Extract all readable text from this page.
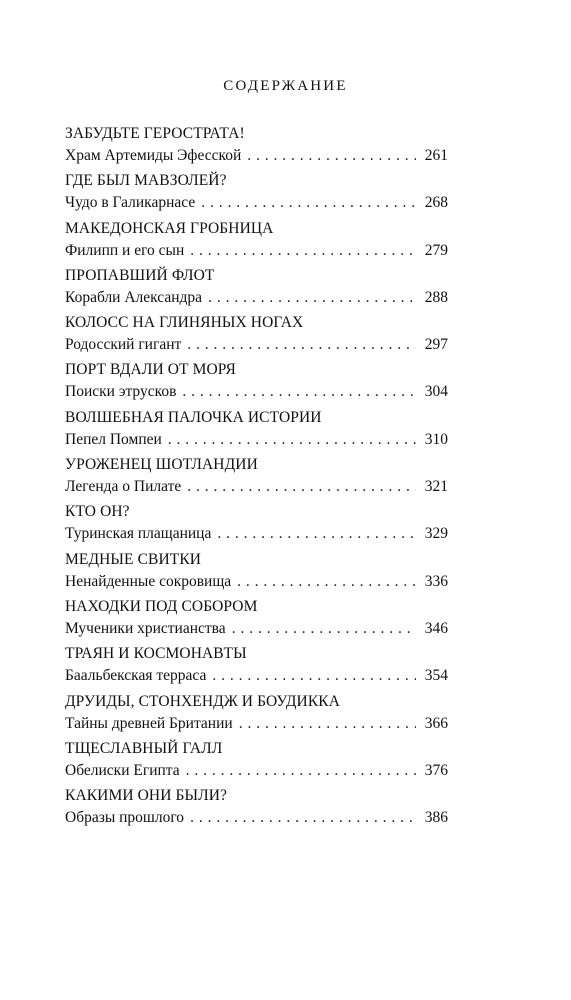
СОДЕРЖАНИЕ
ЗАБУДЬТЕ ГЕРОСТРАТА!
Храм Артемиды Эфесской . . .	261
ГДЕ БЫЛ МАВЗОЛЕЙ?
Чудо в Галикарнасе . . .	268
МАКЕДОНСКАЯ ГРОБНИЦА
Филипп и его сын . . .	279
ПРОПАВШИЙ ФЛОТ
Корабли Александра . . .	288
КОЛОСС НА ГЛИНЯНЫХ НОГАХ
Родосский гигант . . .	297
ПОРТ ВДАЛИ ОТ МОРЯ
Поиски этрусков . . .	304
ВОЛШЕБНАЯ ПАЛОЧКА ИСТОРИИ
Пепел Помпеи . . .	310
УРОЖЕНЕЦ ШОТЛАНДИИ
Легенда о Пилате . . .	321
КТО ОН?
Туринская плащаница . . .	329
МЕДНЫЕ СВИТКИ
Ненайденные сокровища . . .	336
НАХОДКИ ПОД СОБОРОМ
Мученики христианства . . .	346
ТРАЯН И КОСМОНАВТЫ
Баальбекская терраса . . .	354
ДРУИДЫ, СТОНХЕНДЖ И БОУДИККА
Тайны древней Британии . . .	366
ТЩЕСЛАВНЫЙ ГАЛЛ
Обелиски Египта . . .	376
КАКИМИ ОНИ БЫЛИ?
Образы прошлого . . .	386
